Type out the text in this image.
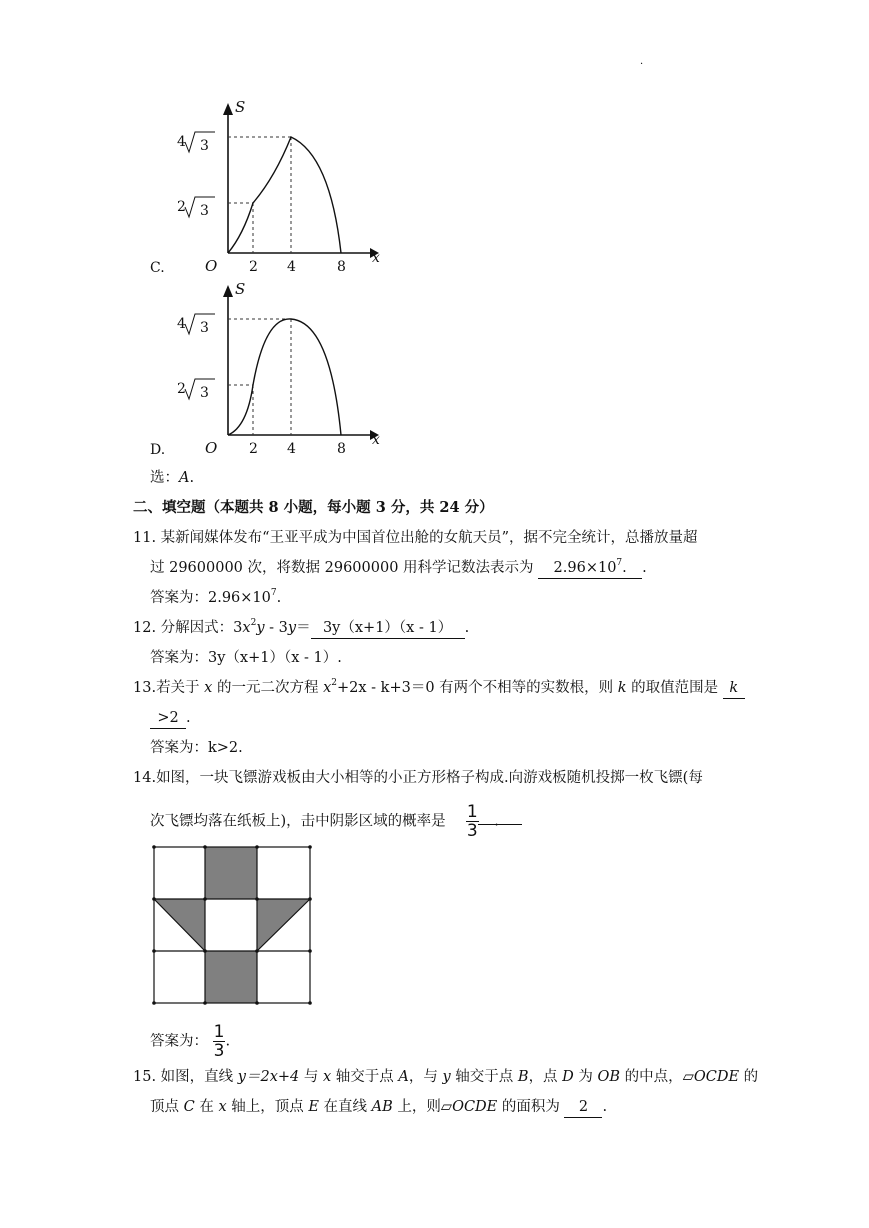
·
C.
S
x
O 2 4	8
4 3
2 3
D.
S
x
O 2 4	8
4 3
2 3
选：A.
二、填空题（本题共 8 小题，每小题 3 分，共 24 分）
11. 某新闻媒体发布“王亚平成为中国首位出舱的女航天员”，据不完全统计，总播放量超
过 29600000 次，将数据 29600000 用科学记数法表示为 $2.96\times 10^7$. .
答案为：$2.96\times 10^7$.
12. 分解因式：$3x^2y - 3y= 3y(x+1)(x - 1)$ .
答案为：3y（x+1）（x - 1）.
13.若关于 x 的一元二次方程 $x^2+2x - k+3=0$ 有两个不相等的实数根，则 k 的取值范围是 k
>2 .
答案为：k>2.
14.如图，一块飞镖游戏板由大小相等的小正方形格子构成.向游戏板随机投掷一枚飞镖(每
次飞镖均落在纸板上)，击中阴影区域的概率是 $\frac{1}{3}$ .
答案为： $\frac{1}{3}$ .
15. 如图，直线 y＝2x+4 与 x 轴交于点 A，与 y 轴交于点 B，点 D 为 OB 的中点，▱OCDE 的
顶点 C 在 x 轴上，顶点 E 在直线 AB 上，则▱OCDE 的面积为 2 .
